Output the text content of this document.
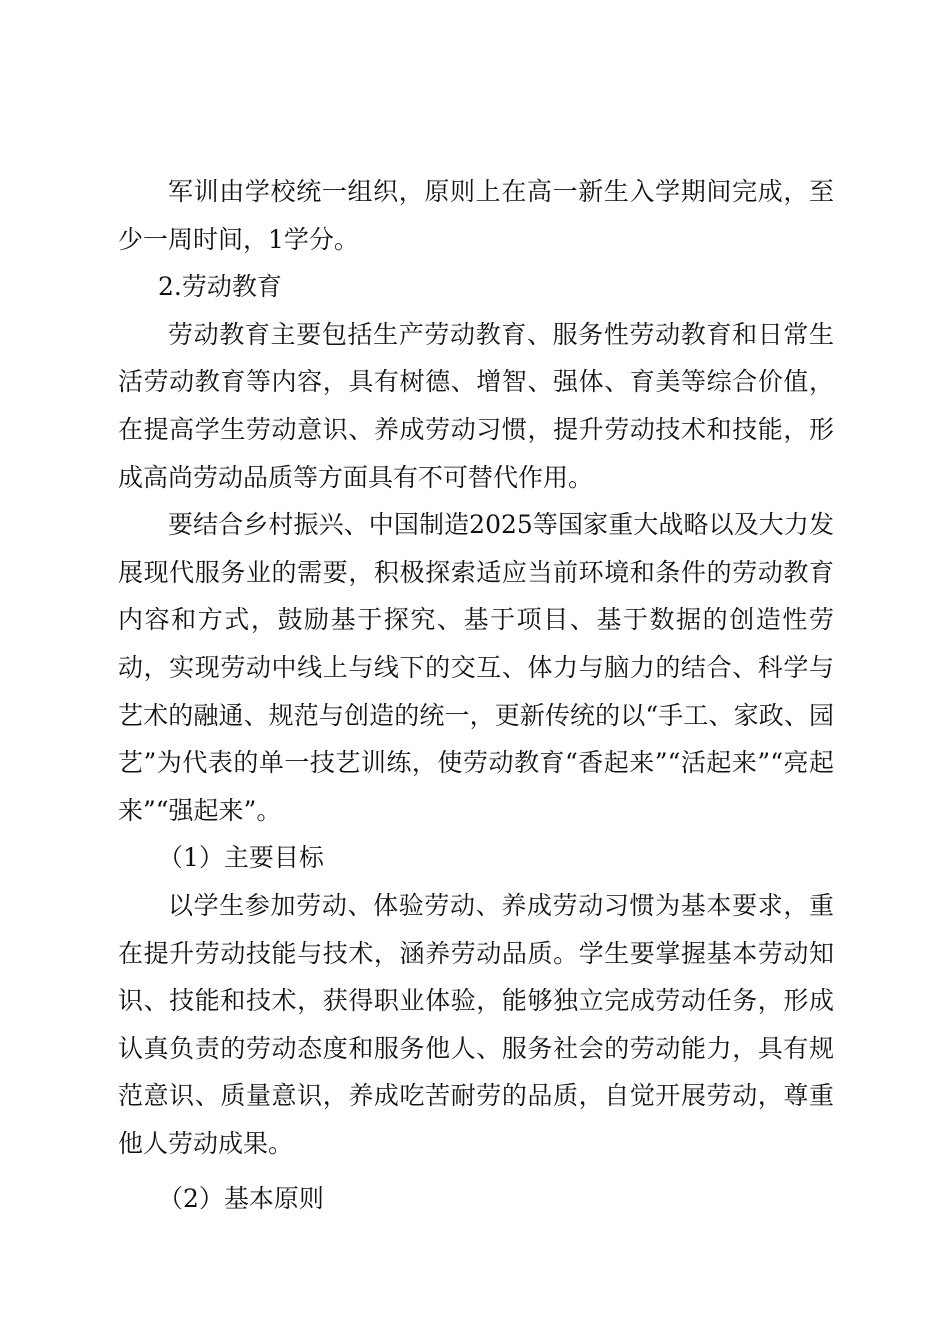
军训由学校统一组织，原则上在高一新生入学期间完成，至少一周时间，1学分。

2.劳动教育

劳动教育主要包括生产劳动教育、服务性劳动教育和日常生活劳动教育等内容，具有树德、增智、强体、育美等综合价值，在提高学生劳动意识、养成劳动习惯，提升劳动技术和技能，形成高尚劳动品质等方面具有不可替代作用。

要结合乡村振兴、中国制造2025等国家重大战略以及大力发展现代服务业的需要，积极探索适应当前环境和条件的劳动教育内容和方式，鼓励基于探究、基于项目、基于数据的创造性劳动，实现劳动中线上与线下的交互、体力与脑力的结合、科学与艺术的融通、规范与创造的统一，更新传统的以“手工、家政、园艺”为代表的单一技艺训练，使劳动教育“香起来”“活起来”“亮起来”“强起来”。

（1）主要目标

以学生参加劳动、体验劳动、养成劳动习惯为基本要求，重在提升劳动技能与技术，涵养劳动品质。学生要掌握基本劳动知识、技能和技术，获得职业体验，能够独立完成劳动任务，形成认真负责的劳动态度和服务他人、服务社会的劳动能力，具有规范意识、质量意识，养成吃苦耐劳的品质，自觉开展劳动，尊重他人劳动成果。

（2）基本原则
